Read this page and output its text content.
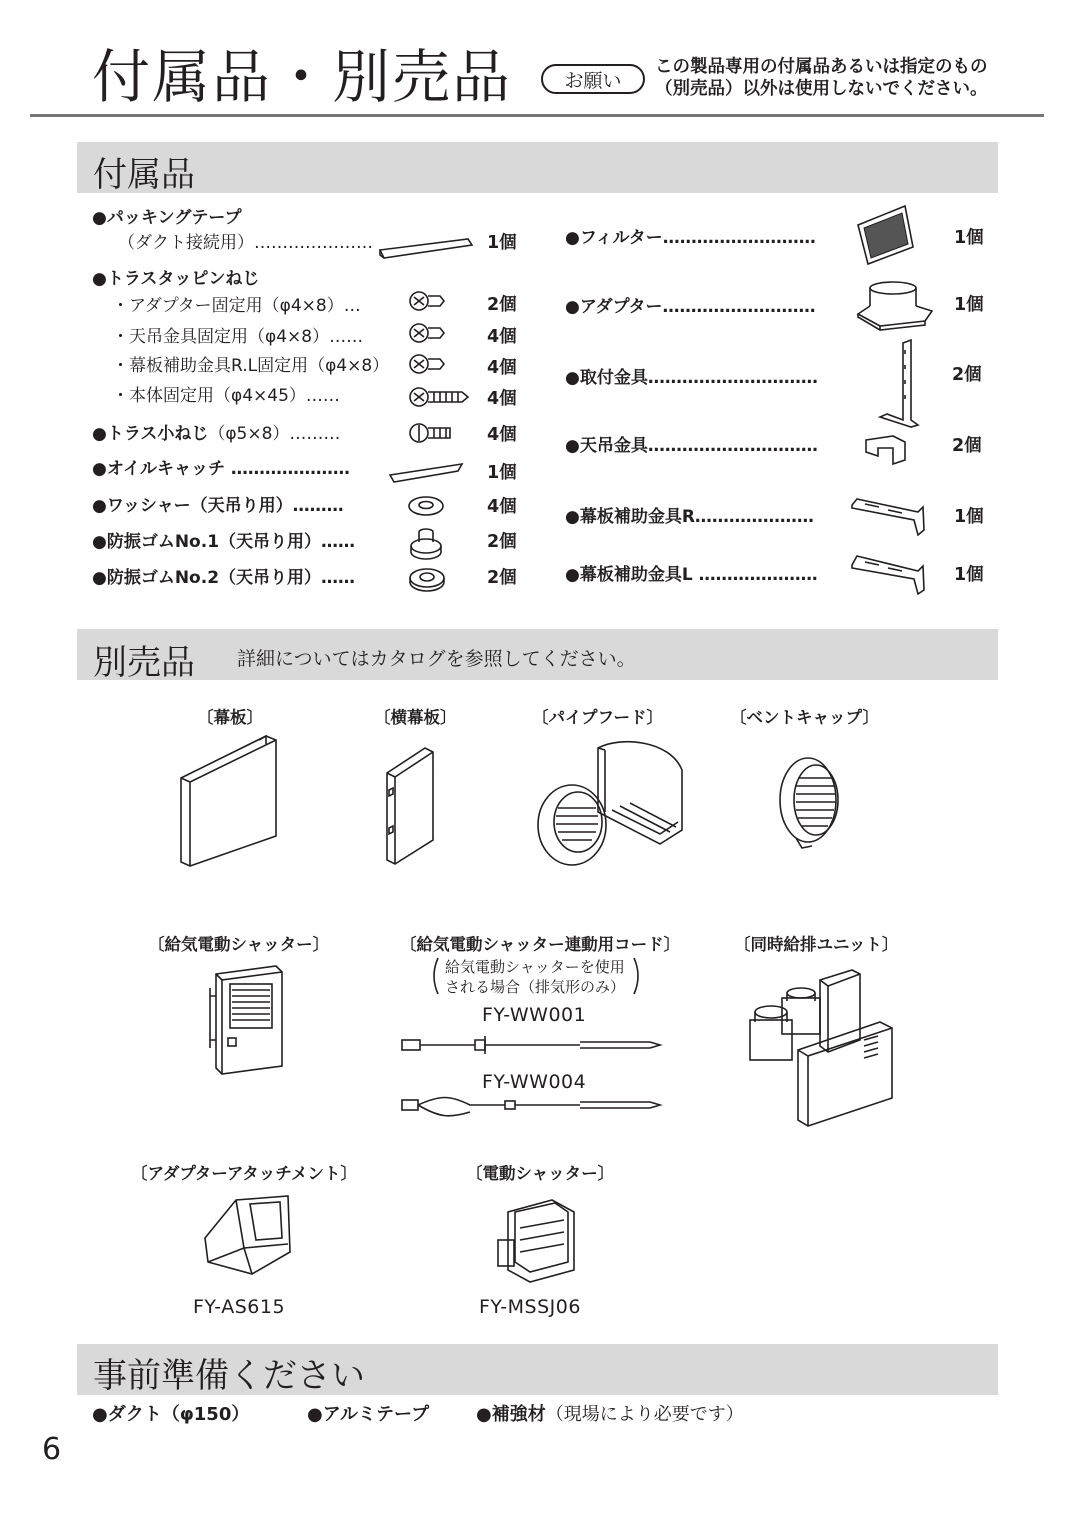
付属品・別売品	お願い
この製品専用の付属品あるいは指定のもの
（別売品）以外は使用しないでください。
付属品
●パッキングテープ
（ダクト接続用）…………………	1個
●トラスタッピンねじ
・アダプター固定用（φ4×8）…	2個
・天吊金具固定用（φ4×8）……	4個
・幕板補助金具R.L固定用（φ4×8）	4個
・本体固定用（φ4×45）……	4個
●トラス小ねじ（φ5×8）………	4個
●オイルキャッチ …………………	1個
●ワッシャー（天吊り用）………	4個
●防振ゴムNo.1（天吊り用）……	2個
●防振ゴムNo.2（天吊り用）……	2個
●フィルター………………………	1個
●アダプター………………………	1個
●取付金具…………………………	2個
●天吊金具…………………………	2個
●幕板補助金具R…………………	1個
●幕板補助金具L …………………	1個
別売品 詳細についてはカタログを参照してください。
〔幕板〕	〔横幕板〕	〔パイプフード〕	〔ベントキャップ〕
〔給気電動シャッター〕	〔給気電動シャッター連動用コード〕
給気電動シャッターを使用
される場合（排気形のみ）
FY-WW001
FY-WW004
〔同時給排ユニット〕
〔アダプターアタッチメント〕
FY-AS615
〔電動シャッター〕
FY-MSSJ06
事前準備ください
●ダクト（φ150）	●アルミテープ	●補強材（現場により必要です）
6
